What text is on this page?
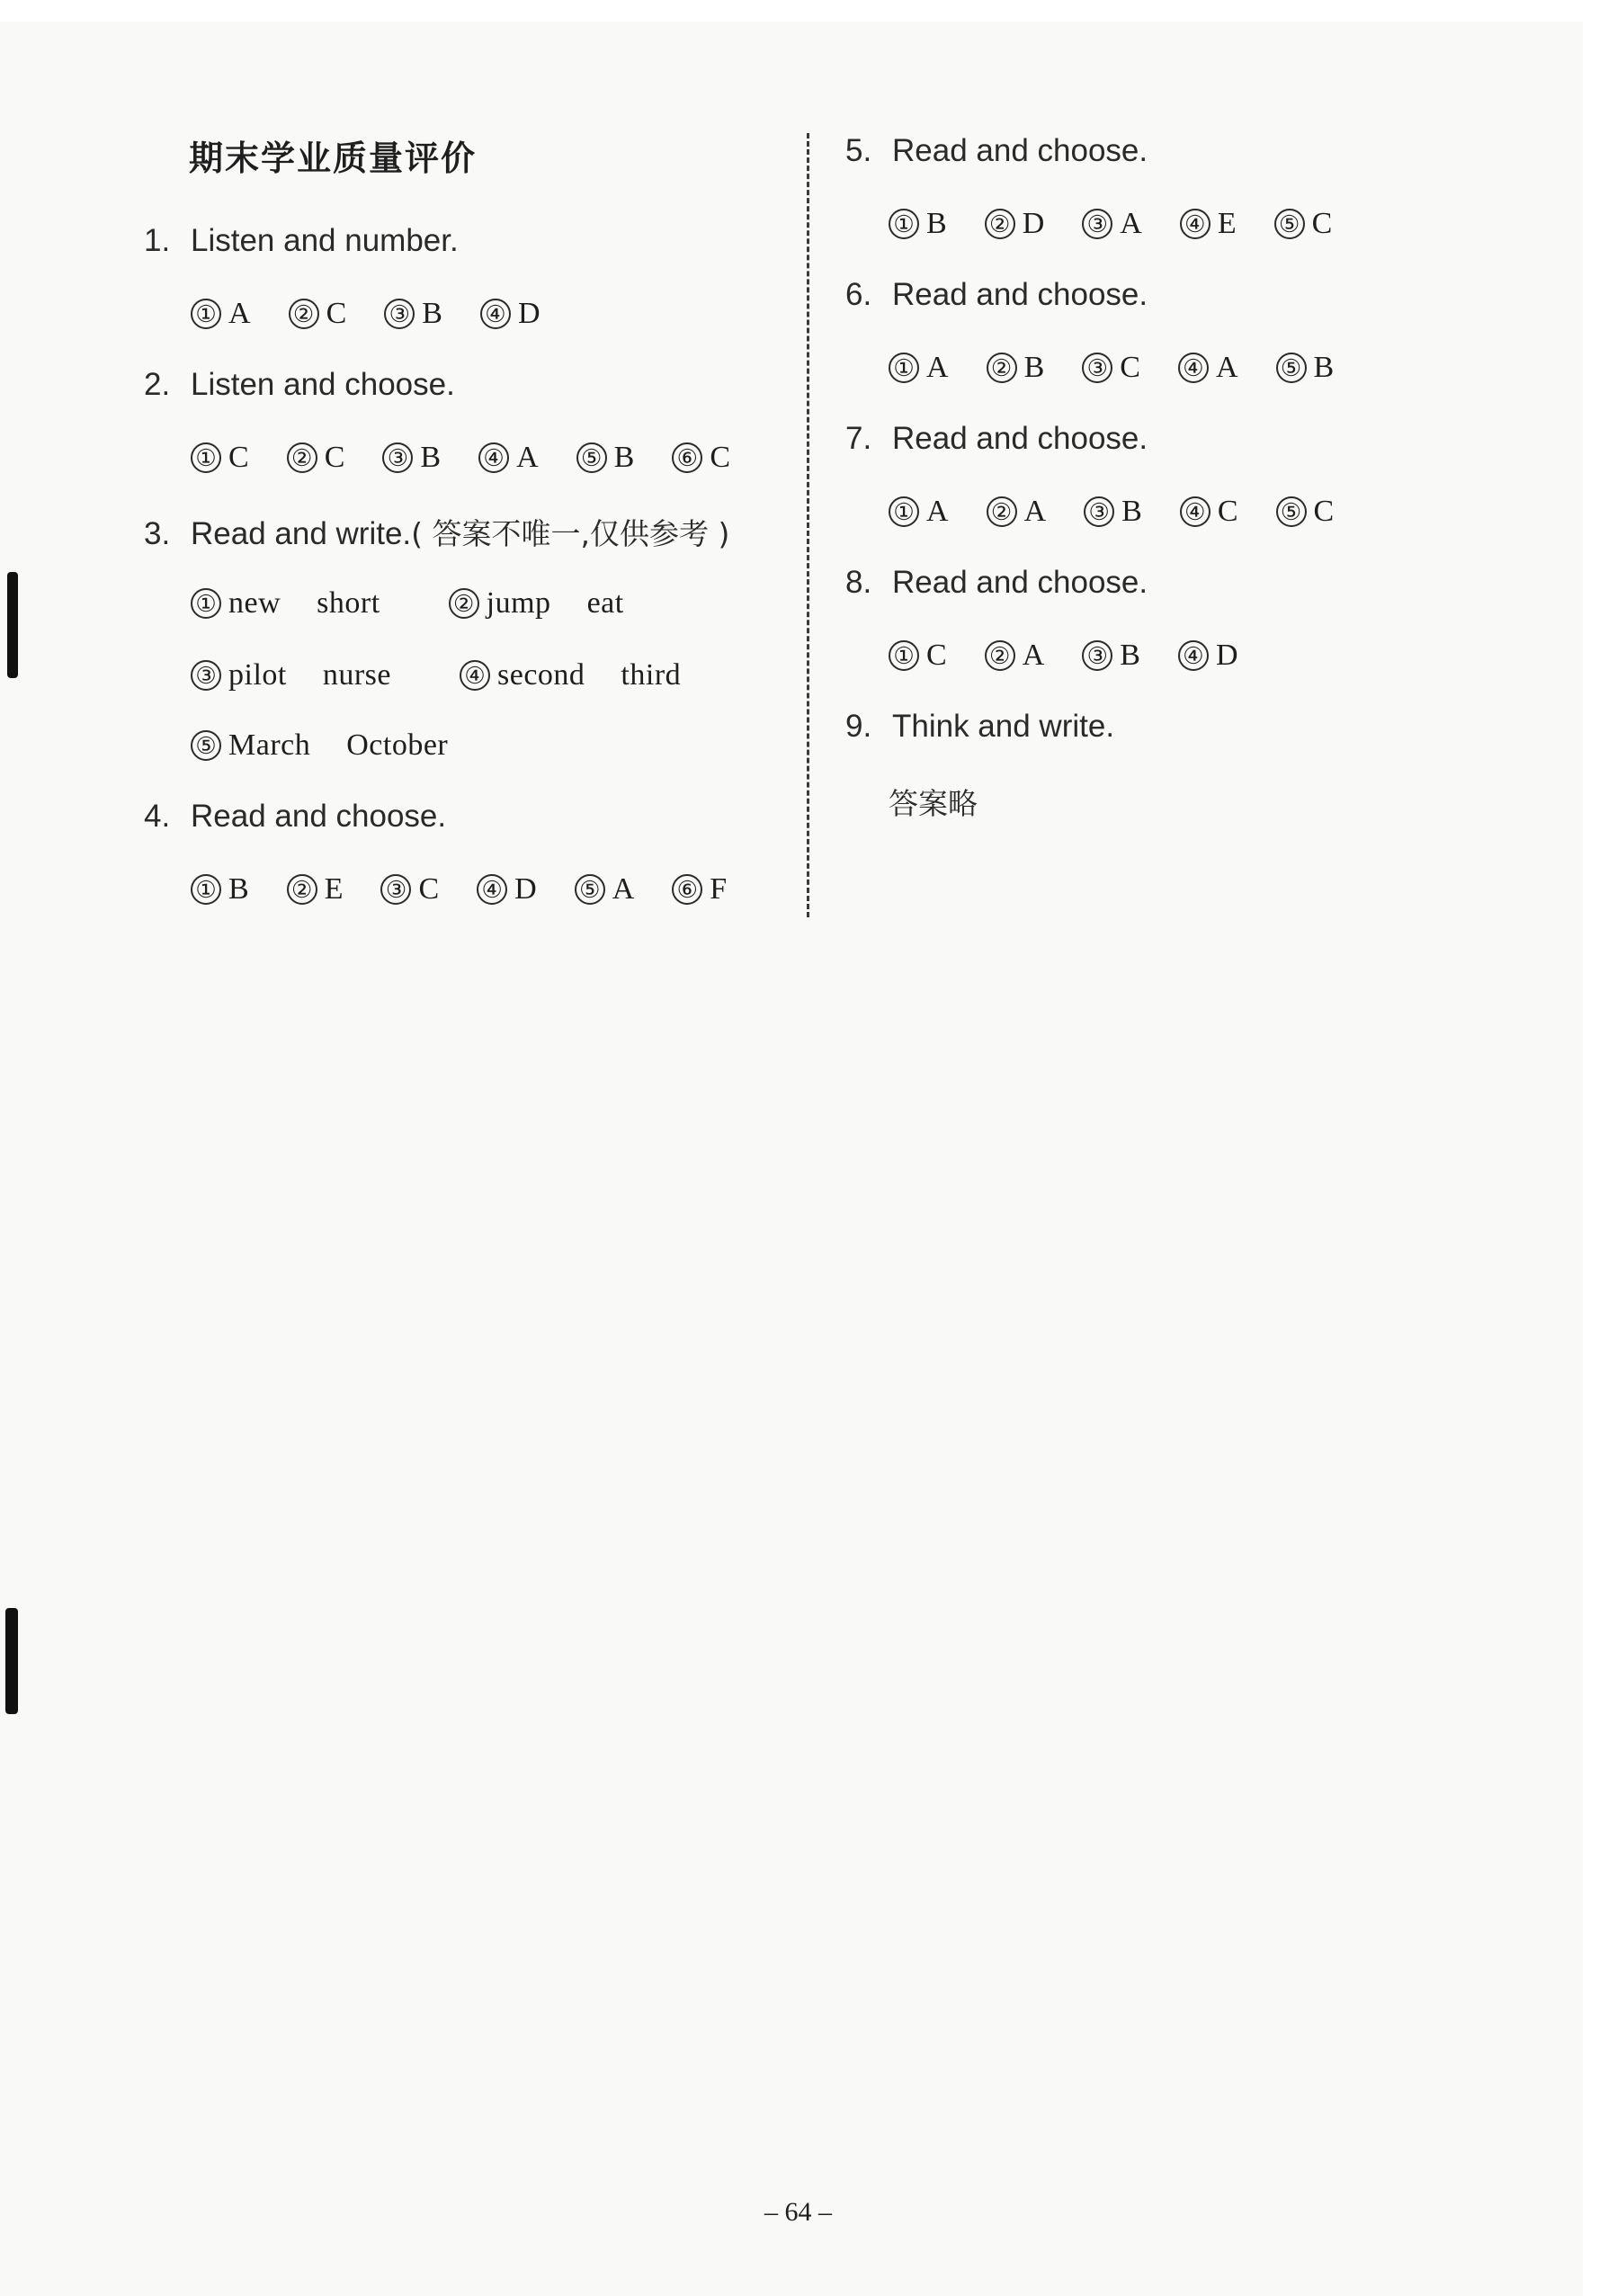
期末学业质量评价
1. Listen and number.
① A ② C ③ B ④ D
2. Listen and choose.
① C ② C ③ B ④ A ⑤ B ⑥ C
3. Read and write.( 答案不唯一,仅供参考 )
① new short	② jump eat
③ pilot nurse	④ second third
⑤ March October
4. Read and choose.
① B ② E ③ C ④ D ⑤ A ⑥ F
5. Read and choose.
① B ② D ③ A ④ E ⑤ C
6. Read and choose.
① A ② B ③ C ④ A ⑤ B
7. Read and choose.
① A ② A ③ B ④ C ⑤ C
8. Read and choose.
① C ② A ③ B ④ D
9. Think and write.
答案略
– 64 –
